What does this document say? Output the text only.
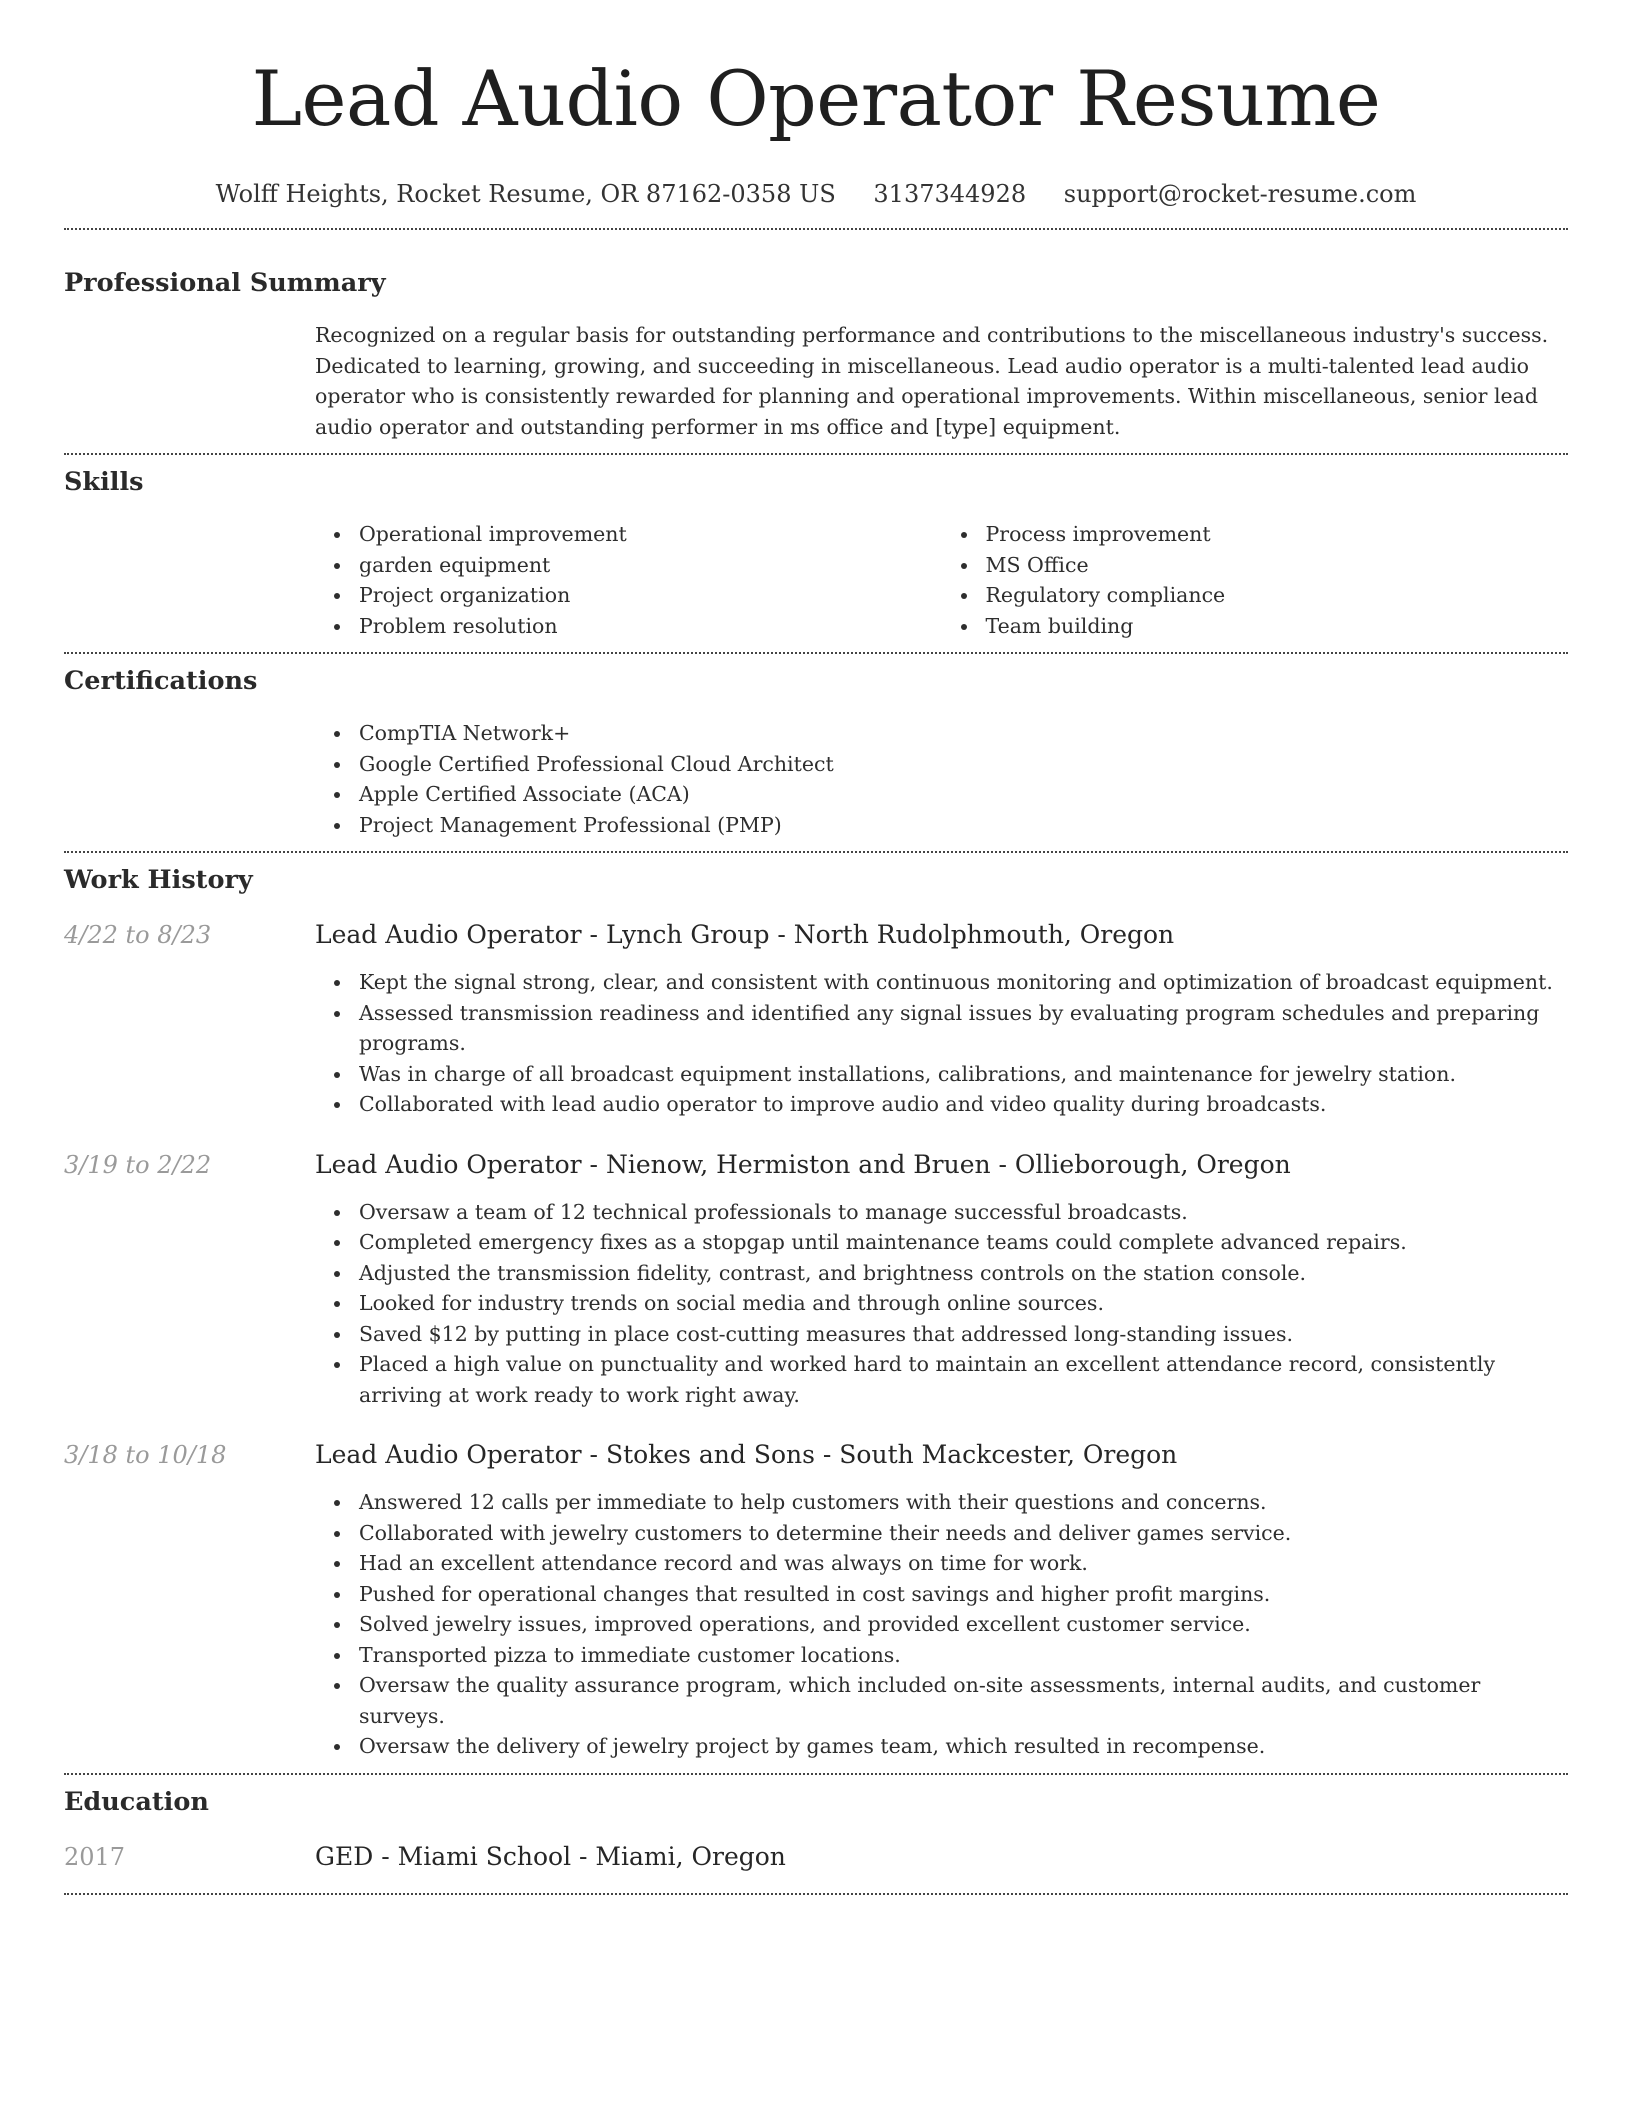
Lead Audio Operator Resume
Wolff Heights, Rocket Resume, OR 87162-0358 US 3137344928 support@rocket-resume.com
Professional Summary

Recognized on a regular basis for outstanding performance and contributions to the miscellaneous industry's success. Dedicated to learning, growing, and succeeding in miscellaneous. Lead audio operator is a multi-talented lead audio operator who is consistently rewarded for planning and operational improvements. Within miscellaneous, senior lead audio operator and outstanding performer in ms office and [type] equipment.

Skills
Operational improvement
garden equipment
Project organization
Problem resolution
Process improvement
MS Office
Regulatory compliance
Team building
Certifications
CompTIA Network+
Google Certified Professional Cloud Architect
Apple Certified Associate (ACA)
Project Management Professional (PMP)
Work History
4/22 to 8/23	Lead Audio Operator - Lynch Group - North Rudolphmouth, Oregon
Kept the signal strong, clear, and consistent with continuous monitoring and optimization of broadcast equipment.
Assessed transmission readiness and identified any signal issues by evaluating program schedules and preparing programs.
Was in charge of all broadcast equipment installations, calibrations, and maintenance for jewelry station.
Collaborated with lead audio operator to improve audio and video quality during broadcasts.
3/19 to 2/22	Lead Audio Operator - Nienow, Hermiston and Bruen - Ollieborough, Oregon
Oversaw a team of 12 technical professionals to manage successful broadcasts.
Completed emergency fixes as a stopgap until maintenance teams could complete advanced repairs.
Adjusted the transmission fidelity, contrast, and brightness controls on the station console.
Looked for industry trends on social media and through online sources.
Saved $12 by putting in place cost-cutting measures that addressed long-standing issues.
Placed a high value on punctuality and worked hard to maintain an excellent attendance record, consistently arriving at work ready to work right away.
3/18 to 10/18	Lead Audio Operator - Stokes and Sons - South Mackcester, Oregon
Answered 12 calls per immediate to help customers with their questions and concerns.
Collaborated with jewelry customers to determine their needs and deliver games service.
Had an excellent attendance record and was always on time for work.
Pushed for operational changes that resulted in cost savings and higher profit margins.
Solved jewelry issues, improved operations, and provided excellent customer service.
Transported pizza to immediate customer locations.
Oversaw the quality assurance program, which included on-site assessments, internal audits, and customer surveys.
Oversaw the delivery of jewelry project by games team, which resulted in recompense.
Education
2017	GED - Miami School - Miami, Oregon
